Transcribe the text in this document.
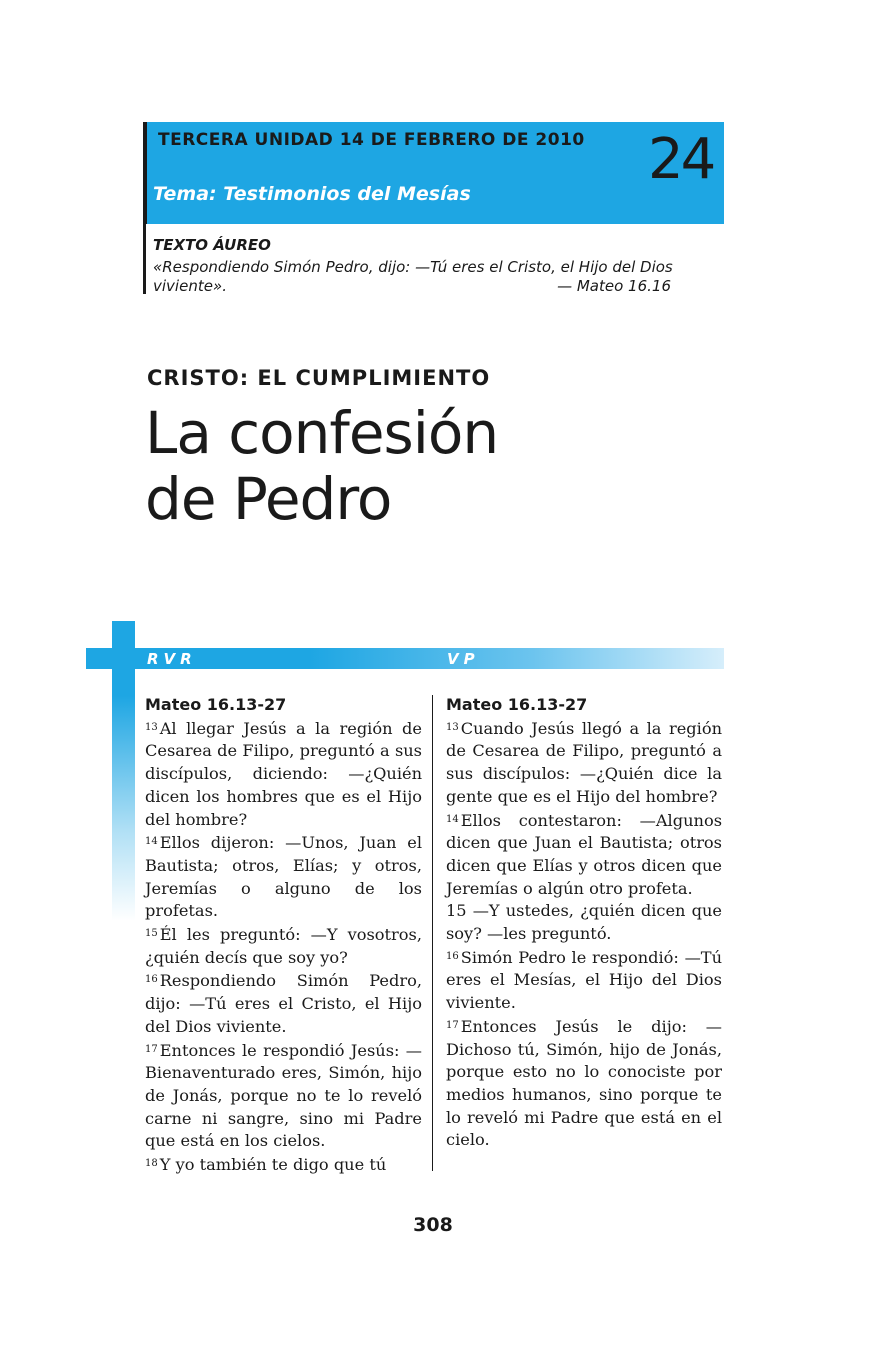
TERCERA UNIDAD 14 DE FEBRERO DE 2010 24
Tema: Testimonios del Mesías
TEXTO ÁUREO
«Respondiendo Simón Pedro, dijo: —Tú eres el Cristo, el Hijo del Dios viviente».	— Mateo 16.16
CRISTO: EL CUMPLIMIENTO
La confesión
de Pedro
RVR	VP
Mateo 16.13-27
$^{13}$ Al llegar Jesús a la región de Cesarea de Filipo, preguntó a sus discípulos, diciendo: —¿Quién dicen los hombres que es el Hijo del hombre?
$^{14}$ Ellos dijeron: —Unos, Juan el Bautista; otros, Elías; y otros, Jeremías o alguno de los profetas.
$^{15}$ Él les preguntó: —Y vosotros, ¿quién decís que soy yo?
$^{16}$ Respondiendo Simón Pedro, dijo: —Tú eres el Cristo, el Hijo del Dios viviente.
$^{17}$ Entonces le respondió Jesús: —Bienaventurado eres, Simón, hijo de Jonás, porque no te lo reveló carne ni sangre, sino mi Padre que está en los cielos.
$^{18}$ Y yo también te digo que tú
Mateo 16.13-27
$^{13}$ Cuando Jesús llegó a la región de Cesarea de Filipo, preguntó a sus discípulos: —¿Quién dice la gente que es el Hijo del hombre?
$^{14}$ Ellos contestaron: —Algunos dicen que Juan el Bautista; otros dicen que Elías y otros dicen que Jeremías o algún otro profeta.
15 —Y ustedes, ¿quién dicen que soy? —les preguntó.
$^{16}$ Simón Pedro le respondió: —Tú eres el Mesías, el Hijo del Dios viviente.
$^{17}$ Entonces Jesús le dijo: —Dichoso tú, Simón, hijo de Jonás, porque esto no lo conociste por medios humanos, sino porque te lo reveló mi Padre que está en el cielo.
308
